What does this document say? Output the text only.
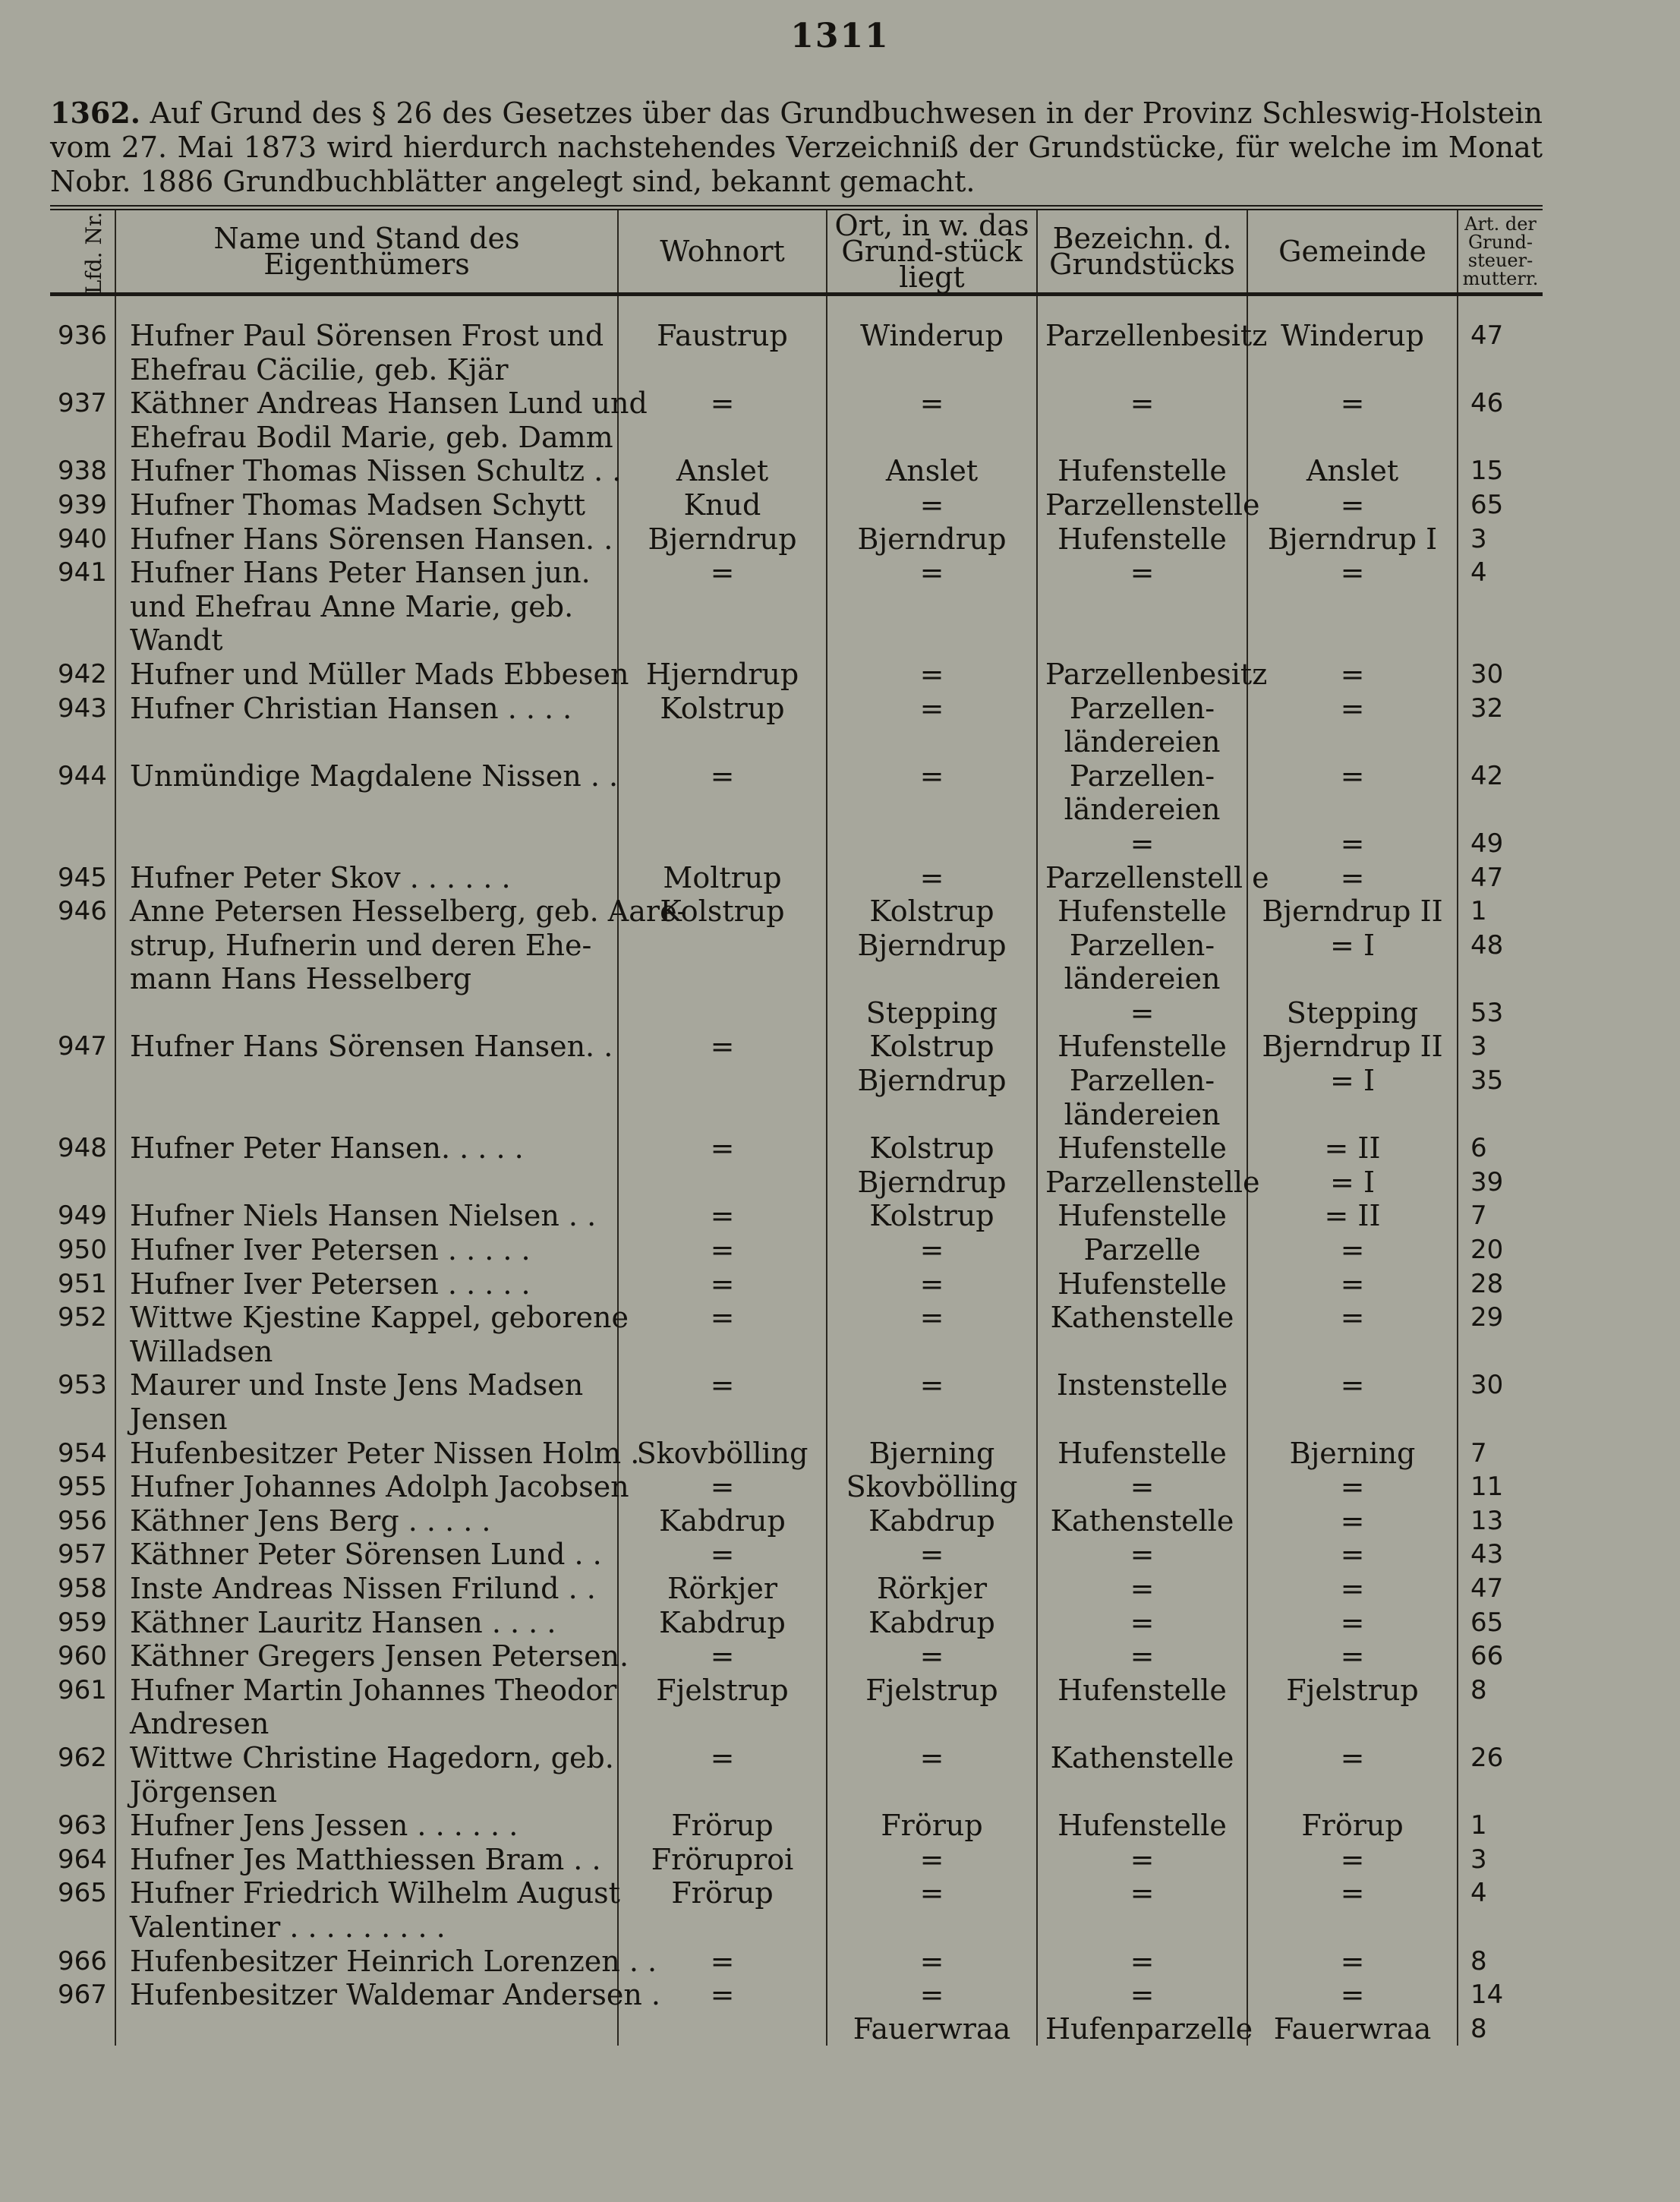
1311
1362. Auf Grund des § 26 des Gesetzes über das Grundbuchwesen in der Provinz Schleswig-Holstein vom 27. Mai 1873 wird hierdurch nachstehendes Verzeichniß der Grundstücke, für welche im Monat Nobr. 1886 Grundbuchblätter angelegt sind, bekannt gemacht.
Lfd. Nr.	Name und Stand des Eigenthümers	Wohnort	Ort, in w. das Grund-stück liegt	Bezeichn. d. Grundstücks	Gemeinde	Art. der Grund-steuer-mutterr.
936	Hufner Paul Sörensen Frost und	Faustrup	Winderup	Parzellenbesitz	Winderup	47
	Ehefrau Cäcilie, geb. Kjär					
937	Käthner Andreas Hansen Lund und	=	=	=	=	46
	Ehefrau Bodil Marie, geb. Damm					
938	Hufner Thomas Nissen Schultz . .	Anslet	Anslet	Hufenstelle	Anslet	15
939	Hufner Thomas Madsen Schytt	Knud	=	Parzellenstelle	=	65
940	Hufner Hans Sörensen Hansen. .	Bjerndrup	Bjerndrup	Hufenstelle	Bjerndrup I	3
941	Hufner Hans Peter Hansen jun.	=	=	=	=	4
	und Ehefrau Anne Marie, geb.					
	Wandt					
942	Hufner und Müller Mads Ebbesen	Hjerndrup	=	Parzellenbesitz	=	30
943	Hufner Christian Hansen . . . .	Kolstrup	=	Parzellen-	=	32
				ländereien		
944	Unmündige Magdalene Nissen . .	=	=	Parzellen-	=	42
				ländereien		
				=	=	49
945	Hufner Peter Skov . . . . . .	Moltrup	=	Parzellenstell e	=	47
946	Anne Petersen Hesselberg, geb. Aare-	Kolstrup	Kolstrup	Hufenstelle	Bjerndrup II	1
	strup, Hufnerin und deren Ehe-		Bjerndrup	Parzellen-	= I	48
	mann Hans Hesselberg			ländereien		
			Stepping	=	Stepping	53
947	Hufner Hans Sörensen Hansen. .	=	Kolstrup	Hufenstelle	Bjerndrup II	3
			Bjerndrup	Parzellen-	= I	35
				ländereien		
948	Hufner Peter Hansen. . . . .	=	Kolstrup	Hufenstelle	= II	6
			Bjerndrup	Parzellenstelle	= I	39
949	Hufner Niels Hansen Nielsen . .	=	Kolstrup	Hufenstelle	= II	7
950	Hufner Iver Petersen . . . . .	=	=	Parzelle	=	20
951	Hufner Iver Petersen . . . . .	=	=	Hufenstelle	=	28
952	Wittwe Kjestine Kappel, geborene	=	=	Kathenstelle	=	29
	Willadsen					
953	Maurer und Inste Jens Madsen	=	=	Instenstelle	=	30
	Jensen					
954	Hufenbesitzer Peter Nissen Holm .	Skovbölling	Bjerning	Hufenstelle	Bjerning	7
955	Hufner Johannes Adolph Jacobsen	=	Skovbölling	=	=	11
956	Käthner Jens Berg . . . . .	Kabdrup	Kabdrup	Kathenstelle	=	13
957	Käthner Peter Sörensen Lund . .	=	=	=	=	43
958	Inste Andreas Nissen Frilund . .	Rörkjer	Rörkjer	=	=	47
959	Käthner Lauritz Hansen . . . .	Kabdrup	Kabdrup	=	=	65
960	Käthner Gregers Jensen Petersen.	=	=	=	=	66
961	Hufner Martin Johannes Theodor	Fjelstrup	Fjelstrup	Hufenstelle	Fjelstrup	8
	Andresen					
962	Wittwe Christine Hagedorn, geb.	=	=	Kathenstelle	=	26
	Jörgensen					
963	Hufner Jens Jessen . . . . . .	Frörup	Frörup	Hufenstelle	Frörup	1
964	Hufner Jes Matthiessen Bram . .	Fröruproi	=	=	=	3
965	Hufner Friedrich Wilhelm August	Frörup	=	=	=	4
	Valentiner . . . . . . . . .					
966	Hufenbesitzer Heinrich Lorenzen . .	=	=	=	=	8
967	Hufenbesitzer Waldemar Andersen .	=	=	=	=	14
			Fauerwraa	Hufenparzelle	Fauerwraa	8
